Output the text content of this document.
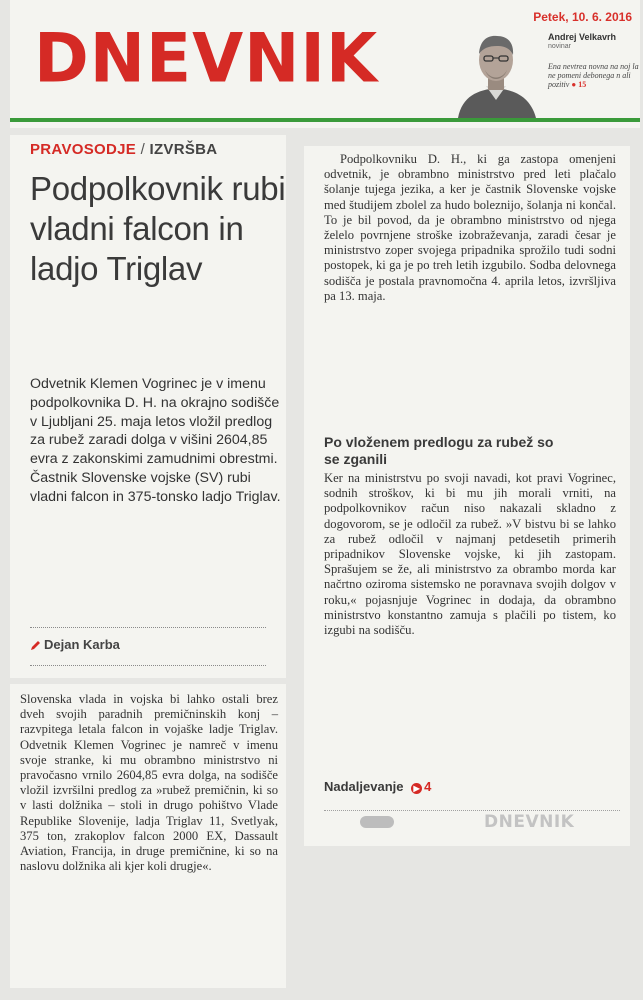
Petek, 10. 6. 2016
DNEVNIK	Andrej Velkavrh
novinar
Ena nevtrea novna na noj la ne pomeni debonega n ali pozitiv ● 15
PRAVOSODJE / IZVRŠBA
Podpolkovnik rubi vladni falcon in ladjo Triglav
Odvetnik Klemen Vogrinec je v imenu podpolkovnika D. H. na okrajno sodišče v Ljubljani 25. maja letos vložil predlog za rubež zaradi dolga v višini 2604,85 evra z zakonskimi zamudnimi obrestmi. Častnik Slovenske vojske (SV) rubi vladni falcon in 375-tonsko ladjo Triglav.
Dejan Karba
Slovenska vlada in vojska bi lahko ostali brez dveh svojih paradnih premičninskih konj – razvpitega letala falcon in vojaške ladje Triglav. Odvetnik Klemen Vogrinec je namreč v imenu svoje stranke, ki mu obrambno ministrstvo ni pravočasno vrnilo 2604,85 evra dolga, na sodišče vložil izvršilni predlog za »rubež premičnin, ki so v lasti dolžnika – stoli in drugo pohištvo Vlade Republike Slovenije, ladja Triglav 11, Svetlyak, 375 ton, zrakoplov falcon 2000 EX, Dassault Aviation, Francija, in druge premičnine, ki so na naslovu dolžnika ali kjer koli drugje«.
Podpolkovniku D. H., ki ga zastopa omenjeni odvetnik, je obrambno ministrstvo pred leti plačalo šolanje tujega jezika, a ker je častnik Slovenske vojske med študijem zbolel za hudo boleznijo, šolanja ni končal. To je bil povod, da je obrambno ministrstvo od njega želelo povrnjene stroške izobraževanja, zaradi česar je ministrstvo zoper svojega pripadnika sprožilo tudi sodni postopek, ki ga je po treh letih izgubilo. Sodba delovnega sodišča je postala pravnomočna 4. aprila letos, izvršljiva pa 13. maja.
Po vloženem predlogu za rubež so se zganili
Ker na ministrstvu po svoji navadi, kot pravi Vogrinec, sodnih stroškov, ki bi mu jih morali vrniti, na podpolkovnikov račun niso nakazali skladno z dogovorom, se je odločil za rubež. »V bistvu bi se lahko za rubež odločil v najmanj petdesetih primerih pripadnikov Slovenske vojske, ki jih zastopam. Sprašujem se že, ali ministrstvo za obrambo morda kar načrtno oziroma sistemsko ne poravnava svojih dolgov v roku,« pojasnjuje Vogrinec in dodaja, da obrambno ministrstvo konstantno zamuja s plačili po tistem, ko izgubi na sodišču.
Nadaljevanje ▶ 4
DNEVNIK
